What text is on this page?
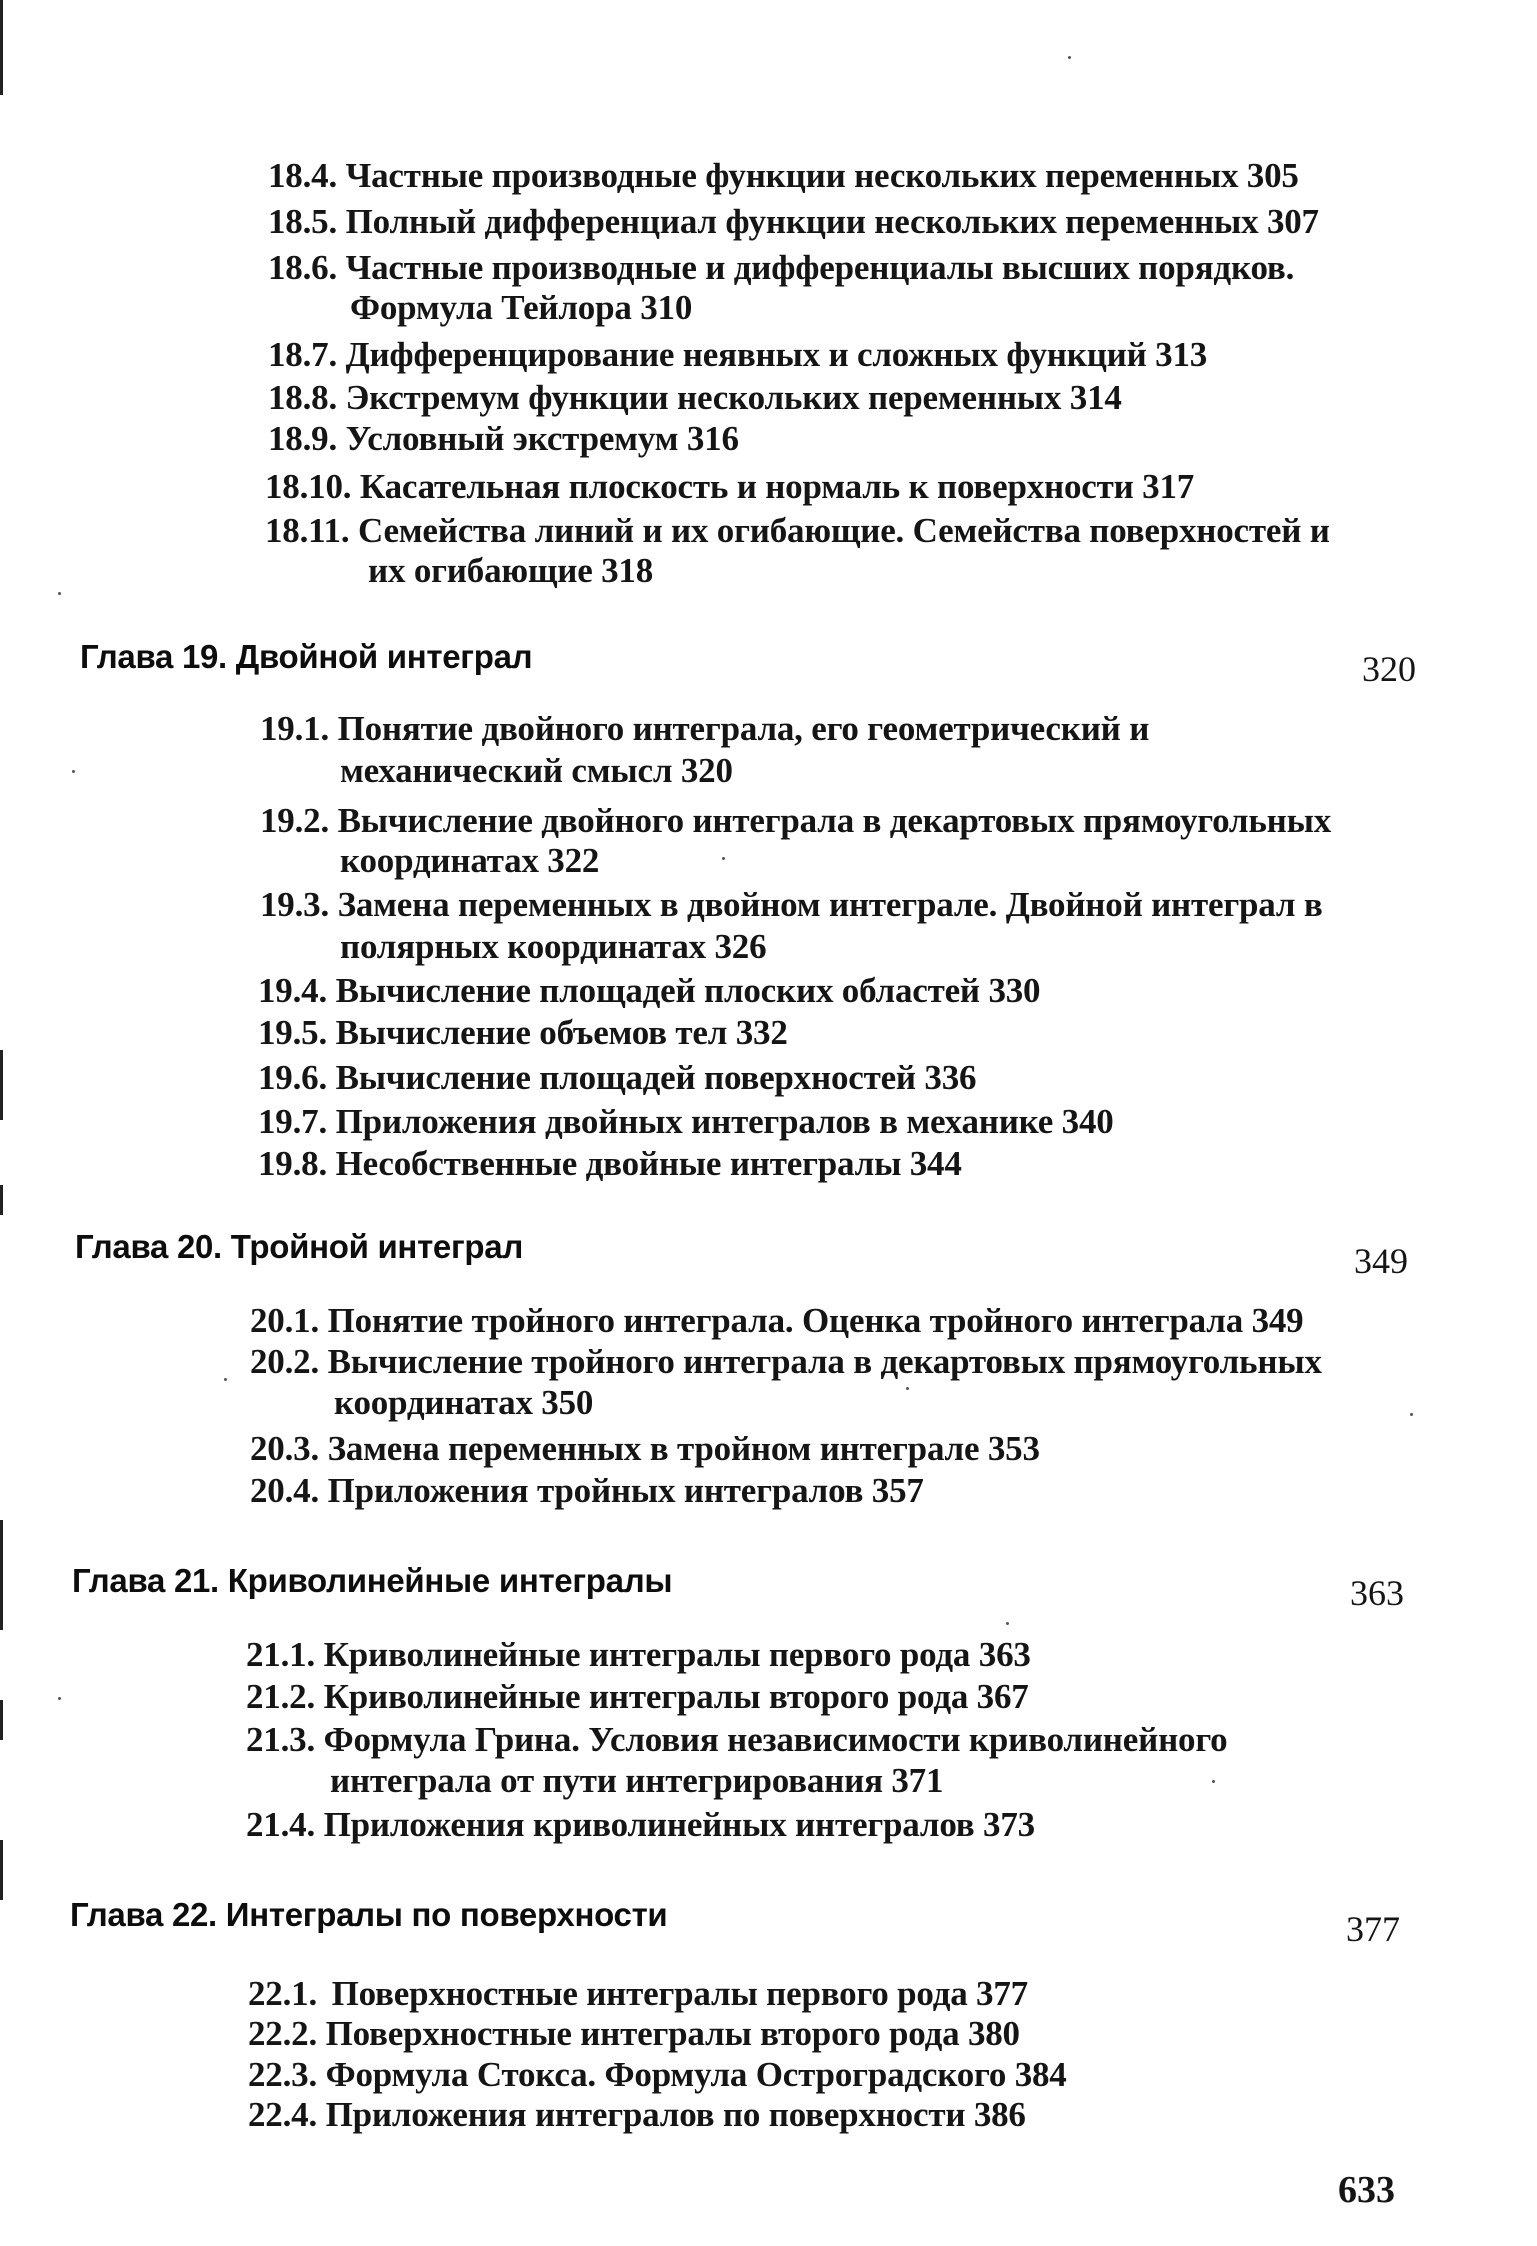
18.4. Частные производные функции нескольких переменных 305
18.5. Полный дифференциал функции нескольких переменных 307
18.6. Частные производные и дифференциалы высших порядков.
Формула Тейлора 310
18.7. Дифференцирование неявных и сложных функций 313
18.8. Экстремум функции нескольких переменных 314
18.9. Условный экстремум 316
18.10. Касательная плоскость и нормаль к поверхности 317
18.11. Семейства линий и их огибающие. Семейства поверхностей и
их огибающие 318
Глава 19. Двойной интеграл	320
19.1. Понятие двойного интеграла, его геометрический и
механический смысл 320
19.2. Вычисление двойного интеграла в декартовых прямоугольных
координатах 322
19.3. Замена переменных в двойном интеграле. Двойной интеграл в
полярных координатах 326
19.4. Вычисление площадей плоских областей 330
19.5. Вычисление объемов тел 332
19.6. Вычисление площадей поверхностей 336
19.7. Приложения двойных интегралов в механике 340
19.8. Несобственные двойные интегралы 344
Глава 20. Тройной интеграл	349
20.1. Понятие тройного интеграла. Оценка тройного интеграла 349
20.2. Вычисление тройного интеграла в декартовых прямоугольных
координатах 350
20.3. Замена переменных в тройном интеграле 353
20.4. Приложения тройных интегралов 357
Глава 21. Криволинейные интегралы	363
21.1. Криволинейные интегралы первого рода 363
21.2. Криволинейные интегралы второго рода 367
21.3. Формула Грина. Условия независимости криволинейного
интеграла от пути интегрирования 371
21.4. Приложения криволинейных интегралов 373
Глава 22. Интегралы по поверхности	377
22.1. Поверхностные интегралы первого рода 377
22.2. Поверхностные интегралы второго рода 380
22.3. Формула Стокса. Формула Остроградского 384
22.4. Приложения интегралов по поверхности 386
633
